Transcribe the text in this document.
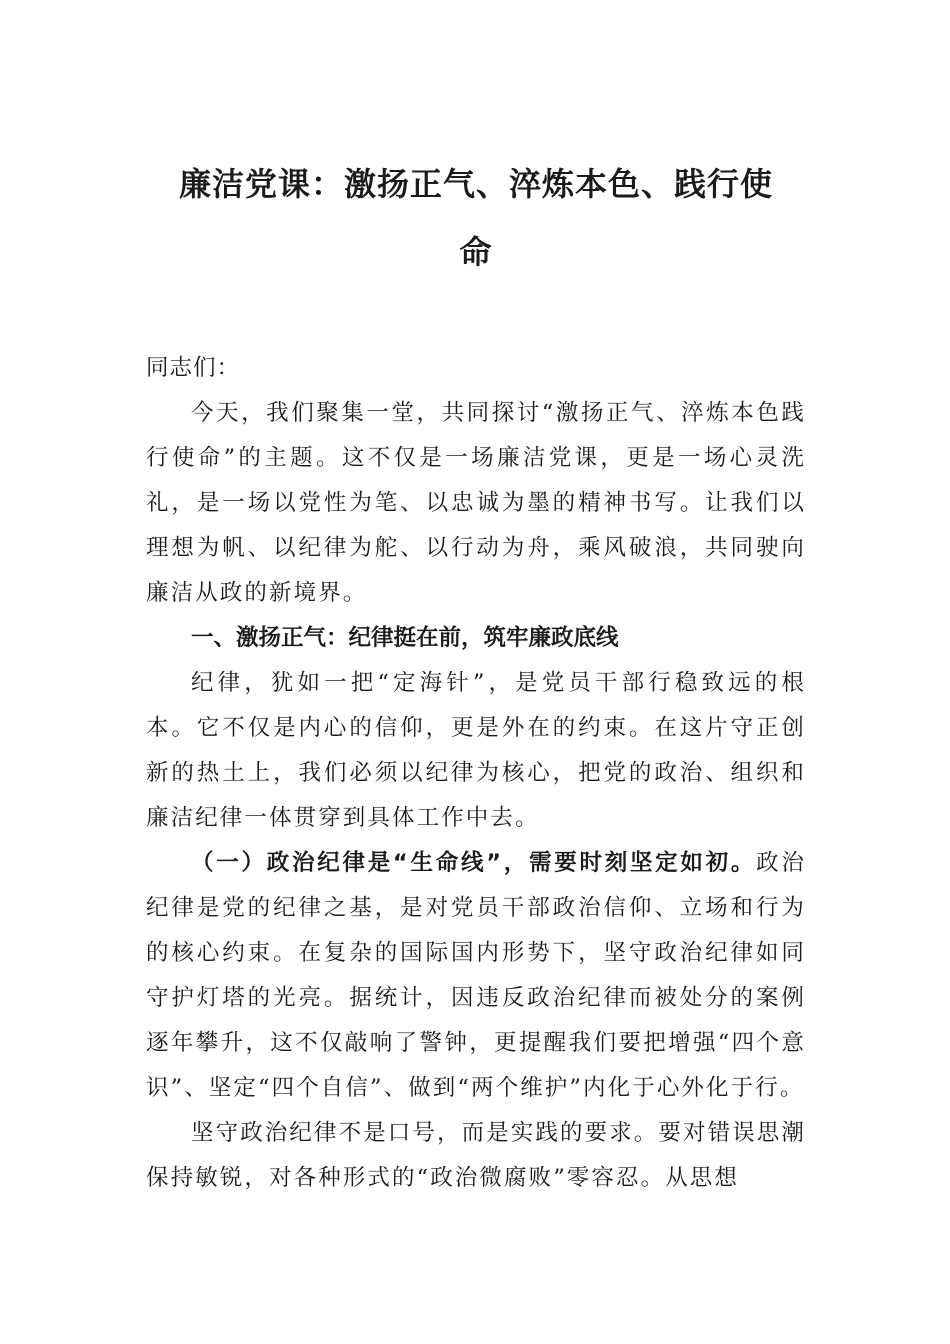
廉洁党课：激扬正气、淬炼本色、践行使
命

同志们：

今天，我们聚集一堂，共同探讨“激扬正气、淬炼本色践行使命”的主题。这不仅是一场廉洁党课，更是一场心灵洗礼，是一场以党性为笔、以忠诚为墨的精神书写。让我们以理想为帆、以纪律为舵、以行动为舟，乘风破浪，共同驶向廉洁从政的新境界。

一、激扬正气：纪律挺在前，筑牢廉政底线

纪律，犹如一把“定海针”，是党员干部行稳致远的根本。它不仅是内心的信仰，更是外在的约束。在这片守正创新的热土上，我们必须以纪律为核心，把党的政治、组织和廉洁纪律一体贯穿到具体工作中去。

（一）政治纪律是“生命线”，需要时刻坚定如初。政治纪律是党的纪律之基，是对党员干部政治信仰、立场和行为的核心约束。在复杂的国际国内形势下，坚守政治纪律如同守护灯塔的光亮。据统计，因违反政治纪律而被处分的案例逐年攀升，这不仅敲响了警钟，更提醒我们要把增强“四个意识”、坚定“四个自信”、做到“两个维护”内化于心外化于行。

坚守政治纪律不是口号，而是实践的要求。要对错误思潮保持敏锐，对各种形式的“政治微腐败”零容忍。从思想
